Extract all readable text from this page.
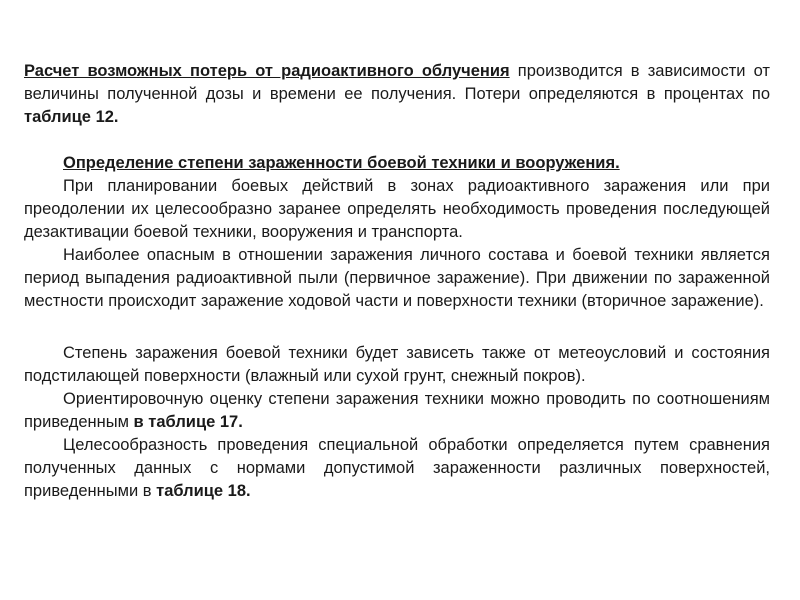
Расчет возможных потерь от радиоактивного облучения производится в зависимости от величины полученной дозы и времени ее получения. Потери определяются в процентах по таблице 12.

Определение степени зараженности боевой техники и вооружения.

При планировании боевых действий в зонах радиоактивного заражения или при преодолении их целесообразно заранее определять необходимость проведения последующей дезактивации боевой техники, вооружения и транспорта.

Наиболее опасным в отношении заражения личного состава и боевой техники является период выпадения радиоактивной пыли (первичное заражение). При движении по зараженной местности происходит заражение ходовой части и поверхности техники (вторичное заражение).

Степень заражения боевой техники будет зависеть также от метеоусловий и состояния подстилающей поверхности (влажный или сухой грунт, снежный покров).

Ориентировочную оценку степени заражения техники можно проводить по соотношениям приведенным в таблице 17.

Целесообразность проведения специальной обработки определяется путем сравнения полученных данных с нормами допустимой зараженности различных поверхностей, приведенными в таблице 18.
